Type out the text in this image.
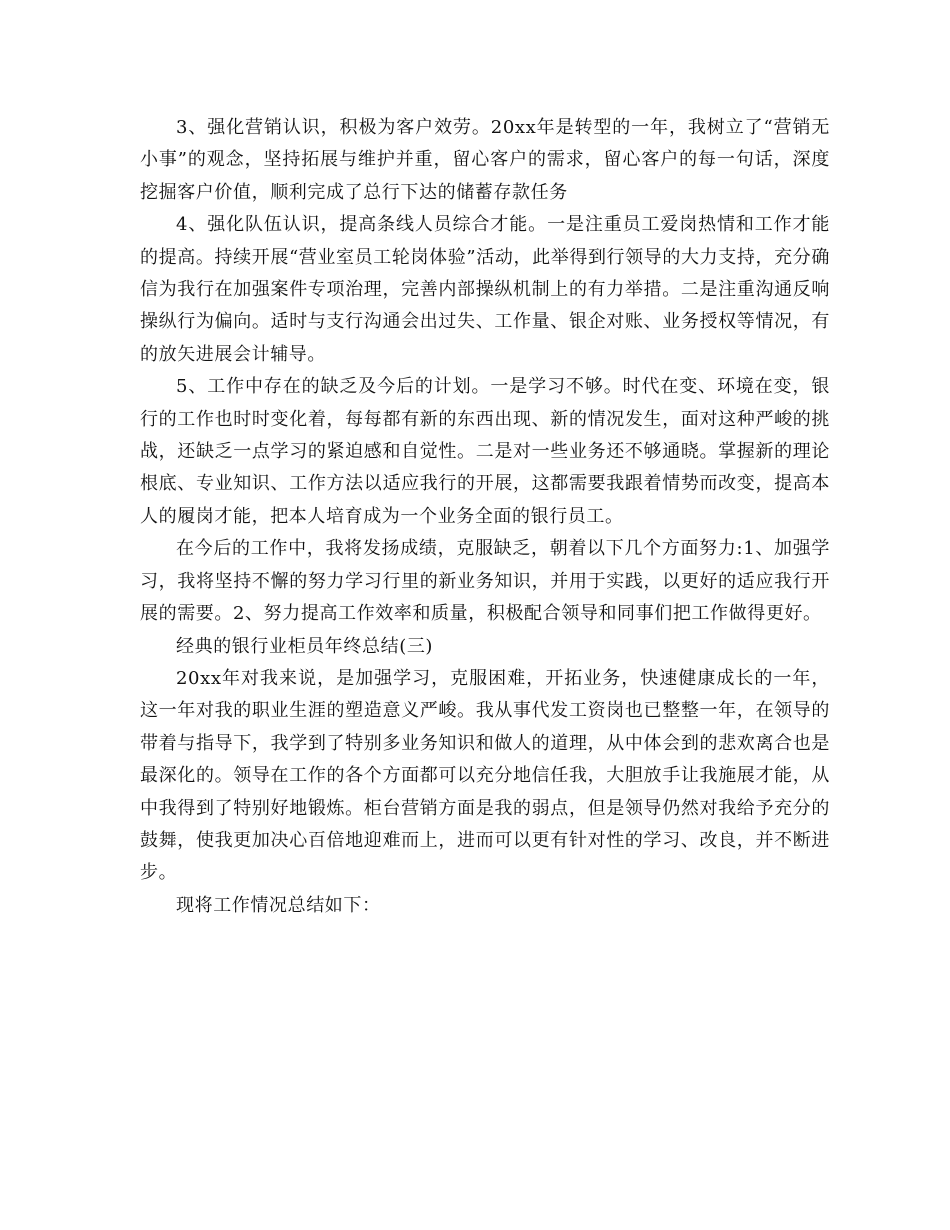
3、强化营销认识，积极为客户效劳。20xx年是转型的一年，我树立了“营销无小事”的观念，坚持拓展与维护并重，留心客户的需求，留心客户的每一句话，深度挖掘客户价值，顺利完成了总行下达的储蓄存款任务

4、强化队伍认识，提高条线人员综合才能。一是注重员工爱岗热情和工作才能的提高。持续开展“营业室员工轮岗体验”活动，此举得到行领导的大力支持，充分确信为我行在加强案件专项治理，完善内部操纵机制上的有力举措。二是注重沟通反响操纵行为偏向。适时与支行沟通会出过失、工作量、银企对账、业务授权等情况，有的放矢进展会计辅导。

5、工作中存在的缺乏及今后的计划。一是学习不够。时代在变、环境在变，银行的工作也时时变化着，每每都有新的东西出现、新的情况发生，面对这种严峻的挑战，还缺乏一点学习的紧迫感和自觉性。二是对一些业务还不够通晓。掌握新的理论根底、专业知识、工作方法以适应我行的开展，这都需要我跟着情势而改变，提高本人的履岗才能，把本人培育成为一个业务全面的银行员工。

在今后的工作中，我将发扬成绩，克服缺乏，朝着以下几个方面努力:1、加强学习，我将坚持不懈的努力学习行里的新业务知识，并用于实践，以更好的适应我行开展的需要。2、努力提高工作效率和质量，积极配合领导和同事们把工作做得更好。

经典的银行业柜员年终总结(三)

20xx年对我来说，是加强学习，克服困难，开拓业务，快速健康成长的一年，这一年对我的职业生涯的塑造意义严峻。我从事代发工资岗也已整整一年，在领导的带着与指导下，我学到了特别多业务知识和做人的道理，从中体会到的悲欢离合也是最深化的。领导在工作的各个方面都可以充分地信任我，大胆放手让我施展才能，从中我得到了特别好地锻炼。柜台营销方面是我的弱点，但是领导仍然对我给予充分的鼓舞，使我更加决心百倍地迎难而上，进而可以更有针对性的学习、改良，并不断进步。

现将工作情况总结如下：
